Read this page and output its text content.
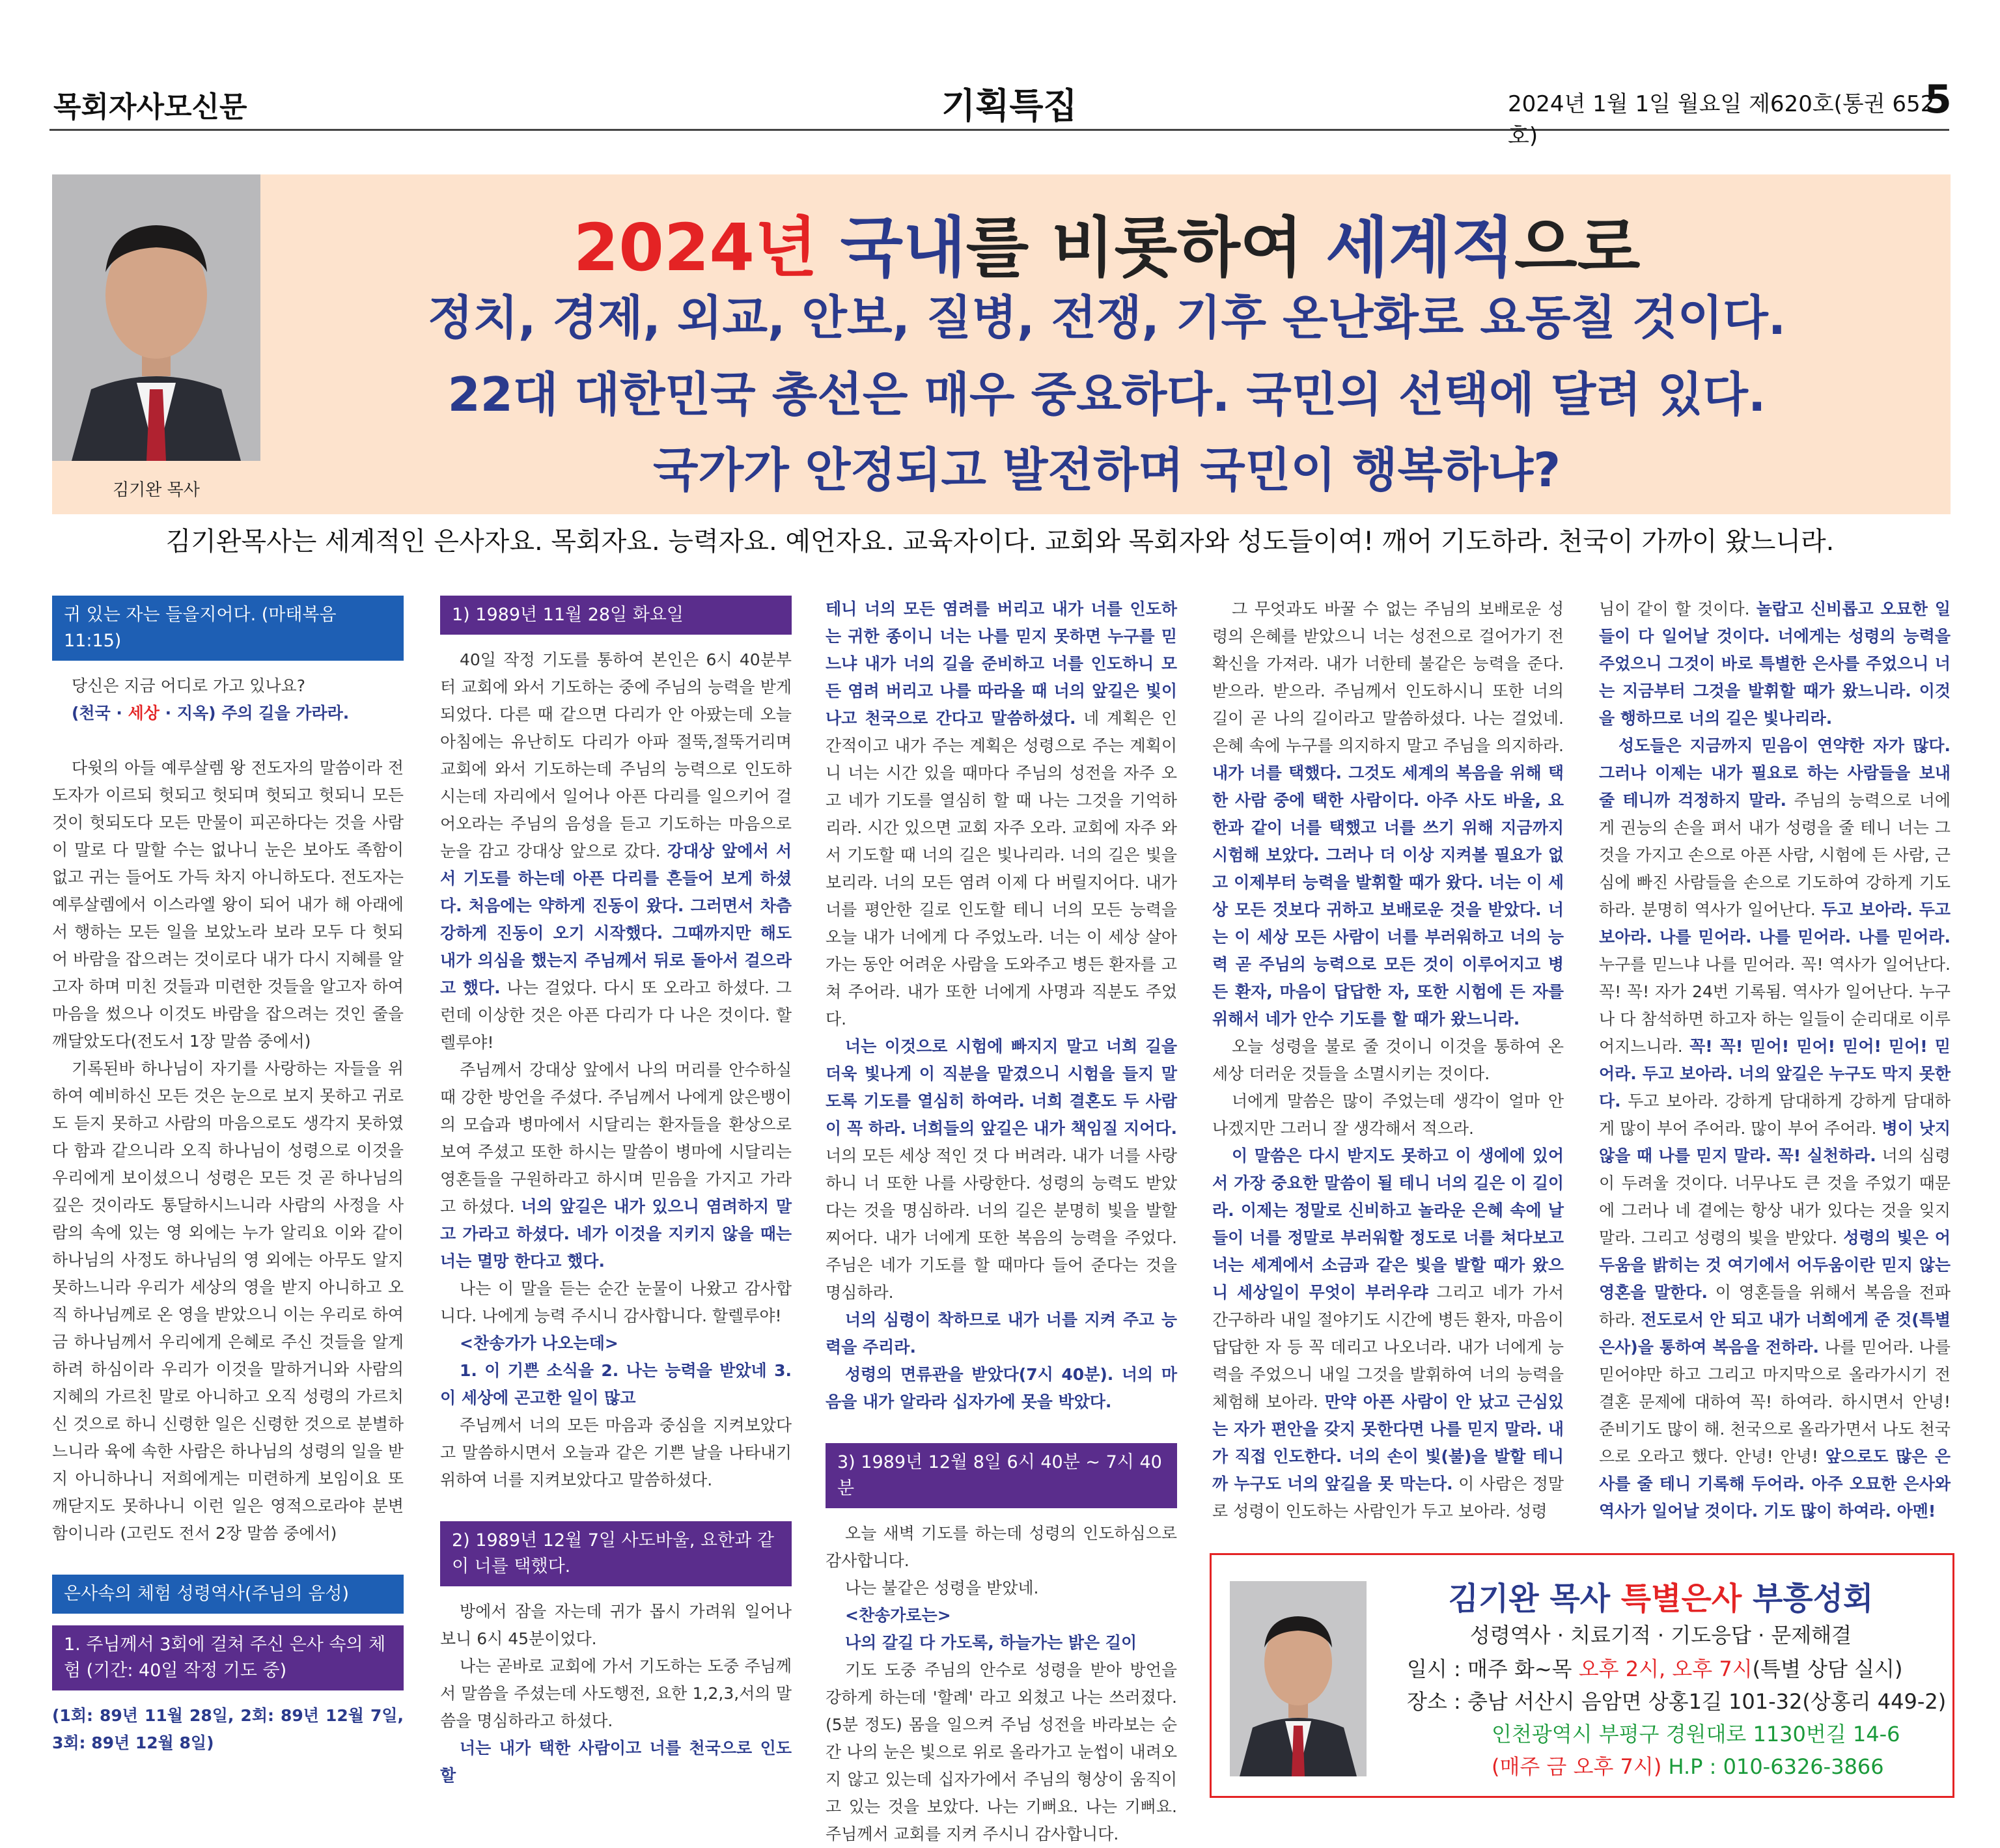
목회자사모신문	기획특집	2024년 1월 1일 월요일 제620호(통권 652호)
5
김기완 목사
2024년 국내를 비롯하여 세계적으로
정치, 경제, 외교, 안보, 질병, 전쟁, 기후 온난화로 요동칠 것이다.
22대 대한민국 총선은 매우 중요하다. 국민의 선택에 달려 있다.
국가가 안정되고 발전하며 국민이 행복하냐?
김기완목사는 세계적인 은사자요. 목회자요. 능력자요. 예언자요. 교육자이다. 교회와 목회자와 성도들이여! 깨어 기도하라. 천국이 가까이 왔느니라.
귀 있는 자는 들을지어다. (마태복음 11:15)

당신은 지금 어디로 가고 있나요?

(천국 · 세상 · 지옥) 주의 길을 가라라.

다윗의 아들 예루살렘 왕 전도자의 말씀이라 전도자가 이르되 헛되고 헛되며 헛되고 헛되니 모든 것이 헛되도다 모든 만물이 피곤하다는 것을 사람이 말로 다 말할 수는 없나니 눈은 보아도 족함이 없고 귀는 들어도 가득 차지 아니하도다. 전도자는 예루살렘에서 이스라엘 왕이 되어 내가 해 아래에서 행하는 모든 일을 보았노라 보라 모두 다 헛되어 바람을 잡으려는 것이로다 내가 다시 지혜를 알고자 하며 미친 것들과 미련한 것들을 알고자 하여 마음을 썼으나 이것도 바람을 잡으려는 것인 줄을 깨달았도다(전도서 1장 말씀 중에서)

기록된바 하나님이 자기를 사랑하는 자들을 위하여 예비하신 모든 것은 눈으로 보지 못하고 귀로도 듣지 못하고 사람의 마음으로도 생각지 못하였다 함과 같으니라 오직 하나님이 성령으로 이것을 우리에게 보이셨으니 성령은 모든 것 곧 하나님의 깊은 것이라도 통달하시느니라 사람의 사정을 사람의 속에 있는 영 외에는 누가 알리요 이와 같이 하나님의 사정도 하나님의 영 외에는 아무도 알지 못하느니라 우리가 세상의 영을 받지 아니하고 오직 하나님께로 온 영을 받았으니 이는 우리로 하여금 하나님께서 우리에게 은혜로 주신 것들을 알게 하려 하심이라 우리가 이것을 말하거니와 사람의 지혜의 가르친 말로 아니하고 오직 성령의 가르치신 것으로 하니 신령한 일은 신령한 것으로 분별하느니라 육에 속한 사람은 하나님의 성령의 일을 받지 아니하나니 저희에게는 미련하게 보임이요 또 깨닫지도 못하나니 이런 일은 영적으로라야 분변함이니라 (고린도 전서 2장 말씀 중에서)

은사속의 체험 성령역사(주님의 음성)
1. 주님께서 3회에 걸쳐 주신 은사 속의 체험 (기간: 40일 작정 기도 중)

(1회: 89년 11월 28일, 2회: 89년 12월 7일, 3회: 89년 12월 8일)

1) 1989년 11월 28일 화요일

40일 작정 기도를 통하여 본인은 6시 40분부터 교회에 와서 기도하는 중에 주님의 능력을 받게 되었다. 다른 때 같으면 다리가 안 아팠는데 오늘 아침에는 유난히도 다리가 아파 절뚝,절뚝거리며 교회에 와서 기도하는데 주님의 능력으로 인도하시는데 자리에서 일어나 아픈 다리를 일으키어 걸어오라는 주님의 음성을 듣고 기도하는 마음으로 눈을 감고 강대상 앞으로 갔다. 강대상 앞에서 서서 기도를 하는데 아픈 다리를 흔들어 보게 하셨다. 처음에는 약하게 진동이 왔다. 그러면서 차츰 강하게 진동이 오기 시작했다. 그때까지만 해도 내가 의심을 했는지 주님께서 뒤로 돌아서 걸으라고 했다. 나는 걸었다. 다시 또 오라고 하셨다. 그런데 이상한 것은 아픈 다리가 다 나은 것이다. 할렐루야!

주님께서 강대상 앞에서 나의 머리를 안수하실 때 강한 방언을 주셨다. 주님께서 나에게 앉은뱅이의 모습과 병마에서 시달리는 환자들을 환상으로 보여 주셨고 또한 하시는 말씀이 병마에 시달리는 영혼들을 구원하라고 하시며 믿음을 가지고 가라고 하셨다. 너의 앞길은 내가 있으니 염려하지 말고 가라고 하셨다. 네가 이것을 지키지 않을 때는 너는 멸망 한다고 했다.

나는 이 말을 듣는 순간 눈물이 나왔고 감사합니다. 나에게 능력 주시니 감사합니다. 할렐루야!

<찬송가가 나오는데>

1. 이 기쁜 소식을 2. 나는 능력을 받았네 3. 이 세상에 곤고한 일이 많고

주님께서 너의 모든 마음과 중심을 지켜보았다고 말씀하시면서 오늘과 같은 기쁜 날을 나타내기 위하여 너를 지켜보았다고 말씀하셨다.

2) 1989년 12월 7일 사도바울, 요한과 같이 너를 택했다.

방에서 잠을 자는데 귀가 몹시 가려워 일어나 보니 6시 45분이었다.

나는 곧바로 교회에 가서 기도하는 도중 주님께서 말씀을 주셨는데 사도행전, 요한 1,2,3,서의 말씀을 명심하라고 하셨다.

너는 내가 택한 사람이고 너를 천국으로 인도할

테니 너의 모든 염려를 버리고 내가 너를 인도하는 귀한 종이니 너는 나를 믿지 못하면 누구를 믿느냐 내가 너의 길을 준비하고 너를 인도하니 모든 염려 버리고 나를 따라올 때 너의 앞길은 빛이 나고 천국으로 간다고 말씀하셨다. 네 계획은 인간적이고 내가 주는 계획은 성령으로 주는 계획이니 너는 시간 있을 때마다 주님의 성전을 자주 오고 네가 기도를 열심히 할 때 나는 그것을 기억하리라. 시간 있으면 교회 자주 오라. 교회에 자주 와서 기도할 때 너의 길은 빛나리라. 너의 길은 빛을 보리라. 너의 모든 염려 이제 다 버릴지어다. 내가 너를 평안한 길로 인도할 테니 너의 모든 능력을 오늘 내가 너에게 다 주었노라. 너는 이 세상 살아가는 동안 어려운 사람을 도와주고 병든 환자를 고쳐 주어라. 내가 또한 너에게 사명과 직분도 주었다.

너는 이것으로 시험에 빠지지 말고 너희 길을 더욱 빛나게 이 직분을 맡겼으니 시험을 들지 말도록 기도를 열심히 하여라. 너희 결혼도 두 사람이 꼭 하라. 너희들의 앞길은 내가 책임질 지어다. 너의 모든 세상 적인 것 다 버려라. 내가 너를 사랑하니 너 또한 나를 사랑한다. 성령의 능력도 받았다는 것을 명심하라. 너의 길은 분명히 빛을 발할 찌어다. 내가 너에게 또한 복음의 능력을 주었다. 주님은 네가 기도를 할 때마다 들어 준다는 것을 명심하라.

너의 심령이 착하므로 내가 너를 지켜 주고 능력을 주리라.

성령의 면류관을 받았다(7시 40분). 너의 마음을 내가 알라라 십자가에 못을 박았다.

3) 1989년 12월 8일 6시 40분 ~ 7시 40분

오늘 새벽 기도를 하는데 성령의 인도하심으로 감사합니다.

나는 불같은 성령을 받았네.

<찬송가로는>

나의 갈길 다 가도록, 하늘가는 밝은 길이

기도 도중 주님의 안수로 성령을 받아 방언을 강하게 하는데 '할례' 라고 외쳤고 나는 쓰러졌다. (5분 정도) 몸을 일으켜 주님 성전을 바라보는 순간 나의 눈은 빛으로 위로 올라가고 눈썹이 내려오지 않고 있는데 십자가에서 주님의 형상이 움직이고 있는 것을 보았다. 나는 기뻐요. 나는 기뻐요. 주님께서 교회를 지켜 주시니 감사합니다.

그 무엇과도 바꿀 수 없는 주님의 보배로운 성령의 은혜를 받았으니 너는 성전으로 걸어가기 전 확신을 가져라. 내가 너한테 불같은 능력을 준다. 받으라. 받으라. 주님께서 인도하시니 또한 너의 길이 곧 나의 길이라고 말씀하셨다. 나는 걸었네. 은혜 속에 누구를 의지하지 말고 주님을 의지하라. 내가 너를 택했다. 그것도 세계의 복음을 위해 택한 사람 중에 택한 사람이다. 아주 사도 바울, 요한과 같이 너를 택했고 너를 쓰기 위해 지금까지 시험해 보았다. 그러나 더 이상 지켜볼 필요가 없고 이제부터 능력을 발휘할 때가 왔다. 너는 이 세상 모든 것보다 귀하고 보배로운 것을 받았다. 너는 이 세상 모든 사람이 너를 부러워하고 너의 능력 곧 주님의 능력으로 모든 것이 이루어지고 병든 환자, 마음이 답답한 자, 또한 시험에 든 자를 위해서 네가 안수 기도를 할 때가 왔느니라.

오늘 성령을 불로 줄 것이니 이것을 통하여 온 세상 더러운 것들을 소멸시키는 것이다.

너에게 말씀은 많이 주었는데 생각이 얼마 안 나겠지만 그러니 잘 생각해서 적으라.

이 말씀은 다시 받지도 못하고 이 생에에 있어서 가장 중요한 말씀이 될 테니 너의 길은 이 길이라. 이제는 정말로 신비하고 놀라운 은혜 속에 날들이 너를 정말로 부러워할 정도로 너를 쳐다보고 너는 세계에서 소금과 같은 빛을 발할 때가 왔으니 세상일이 무엇이 부러우랴 그리고 네가 가서 간구하라 내일 절야기도 시간에 병든 환자, 마음이 답답한 자 등 꼭 데리고 나오너라. 내가 너에게 능력을 주었으니 내일 그것을 발휘하여 너의 능력을 체험해 보아라. 만약 아픈 사람이 안 났고 근심있는 자가 편안을 갖지 못한다면 나를 믿지 말라. 내가 직접 인도한다. 너의 손이 빛(불)을 발할 테니까 누구도 너의 앞길을 못 막는다. 이 사람은 정말로 성령이 인도하는 사람인가 두고 보아라. 성령

님이 같이 할 것이다. 놀랍고 신비롭고 오묘한 일들이 다 일어날 것이다. 너에게는 성령의 능력을 주었으니 그것이 바로 특별한 은사를 주었으니 너는 지금부터 그것을 발휘할 때가 왔느니라. 이것을 행하므로 너의 길은 빛나리라.

성도들은 지금까지 믿음이 연약한 자가 많다. 그러나 이제는 내가 필요로 하는 사람들을 보내 줄 테니까 걱정하지 말라. 주님의 능력으로 너에게 권능의 손을 펴서 내가 성령을 줄 테니 너는 그것을 가지고 손으로 아픈 사람, 시험에 든 사람, 근심에 빠진 사람들을 손으로 기도하여 강하게 기도하라. 분명히 역사가 일어난다. 두고 보아라. 두고 보아라. 나를 믿어라. 나를 믿어라. 나를 믿어라. 누구를 믿느냐 나를 믿어라. 꼭! 역사가 일어난다. 꼭! 꼭! 자가 24번 기록됨. 역사가 일어난다. 누구나 다 참석하면 하고자 하는 일들이 순리대로 이루어지느니라. 꼭! 꼭! 믿어! 믿어! 믿어! 믿어! 믿어라. 두고 보아라. 너의 앞길은 누구도 막지 못한다. 두고 보아라. 강하게 담대하게 강하게 담대하게 많이 부어 주어라. 많이 부어 주어라. 병이 낫지 않을 때 나를 믿지 말라. 꼭! 실천하라. 너의 심령이 두려울 것이다. 너무나도 큰 것을 주었기 때문에 그러나 네 곁에는 항상 내가 있다는 것을 잊지 말라. 그리고 성령의 빛을 받았다. 성령의 빛은 어두움을 밝히는 것 여기에서 어두움이란 믿지 않는 영혼을 말한다. 이 영혼들을 위해서 복음을 전파하라. 전도로서 안 되고 내가 너희에게 준 것(특별은사)을 통하여 복음을 전하라. 나를 믿어라. 나를 믿어야만 하고 그리고 마지막으로 올라가시기 전 결혼 문제에 대하여 꼭! 하여라. 하시면서 안녕! 준비기도 많이 해. 천국으로 올라가면서 나도 천국으로 오라고 했다. 안녕! 안녕! 앞으로도 많은 은사를 줄 테니 기록해 두어라. 아주 오묘한 은사와 역사가 일어날 것이다. 기도 많이 하여라. 아멘!

김기완 목사 특별은사 부흥성회
성령역사 · 치료기적 · 기도응답 · 문제해결
일시 : 매주 화~목 오후 2시, 오후 7시(특별 상담 실시)
장소 : 충남 서산시 음암면 상홍1길 101-32(상홍리 449-2)
인천광역시 부평구 경원대로 1130번길 14-6
(매주 금 오후 7시) H.P : 010-6326-3866
